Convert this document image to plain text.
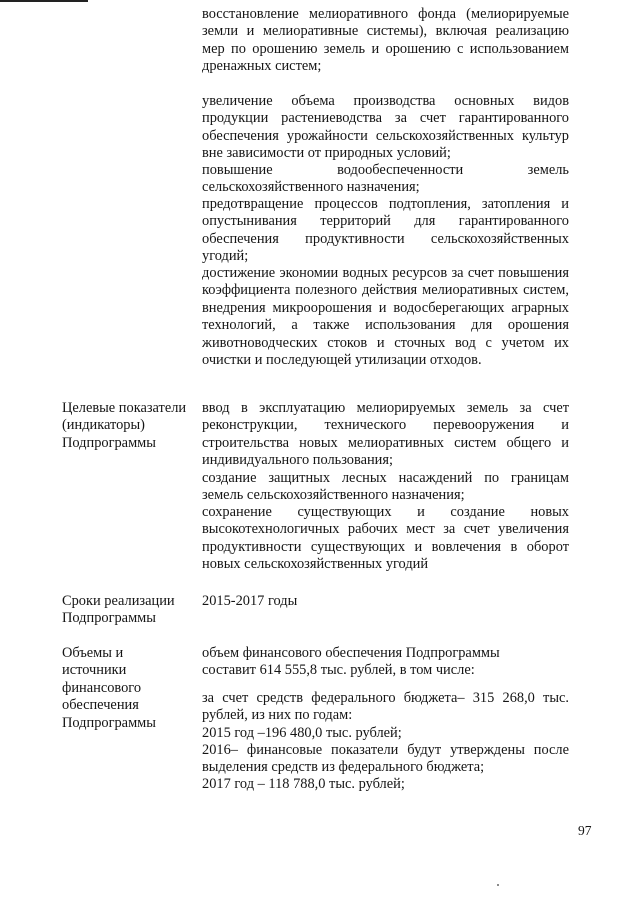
восстановление мелиоративного фонда (мелиорируемые земли и мелиоративные системы), включая реализацию мер по орошению земель и орошению с использованием дренажных систем;

увеличение объема производства основных видов продукции растениеводства за счет гарантированного обеспечения урожайности сельскохозяйственных культур вне зависимости от природных условий;

повышение водообеспеченности земель сельскохозяйственного назначения;

предотвращение процессов подтопления, затопления и опустынивания территорий для гарантированного обеспечения продуктивности сельскохозяйственных угодий;

достижение экономии водных ресурсов за счет повышения коэффициента полезного действия мелиоративных систем, внедрения микроорошения и водосберегающих аграрных технологий, а также использования для орошения животноводческих стоков и сточных вод с учетом их очистки и последующей утилизации отходов.

Целевые показатели
(индикаторы)
Подпрограммы

ввод в эксплуатацию мелиорируемых земель за счет реконструкции, технического перевооружения и строительства новых мелиоративных систем общего и индивидуального пользования;

создание защитных лесных насаждений по границам земель сельскохозяйственного назначения;

сохранение существующих и создание новых высокотехнологичных рабочих мест за счет увеличения продуктивности существующих и вовлечения в оборот новых сельскохозяйственных угодий

Сроки реализации
Подпрограммы
2015-2017 годы
Объемы и
источники
финансового
обеспечения
Подпрограммы
объем финансового обеспечения Подпрограммы
составит 614 555,8 тыс. рублей, в том числе:

за счет средств федерального бюджета– 315 268,0 тыс. рублей, из них по годам:

2015 год –196 480,0 тыс. рублей;

2016– финансовые показатели будут утверждены после выделения средств из федерального бюджета;

2017 год – 118 788,0 тыс. рублей;
97
